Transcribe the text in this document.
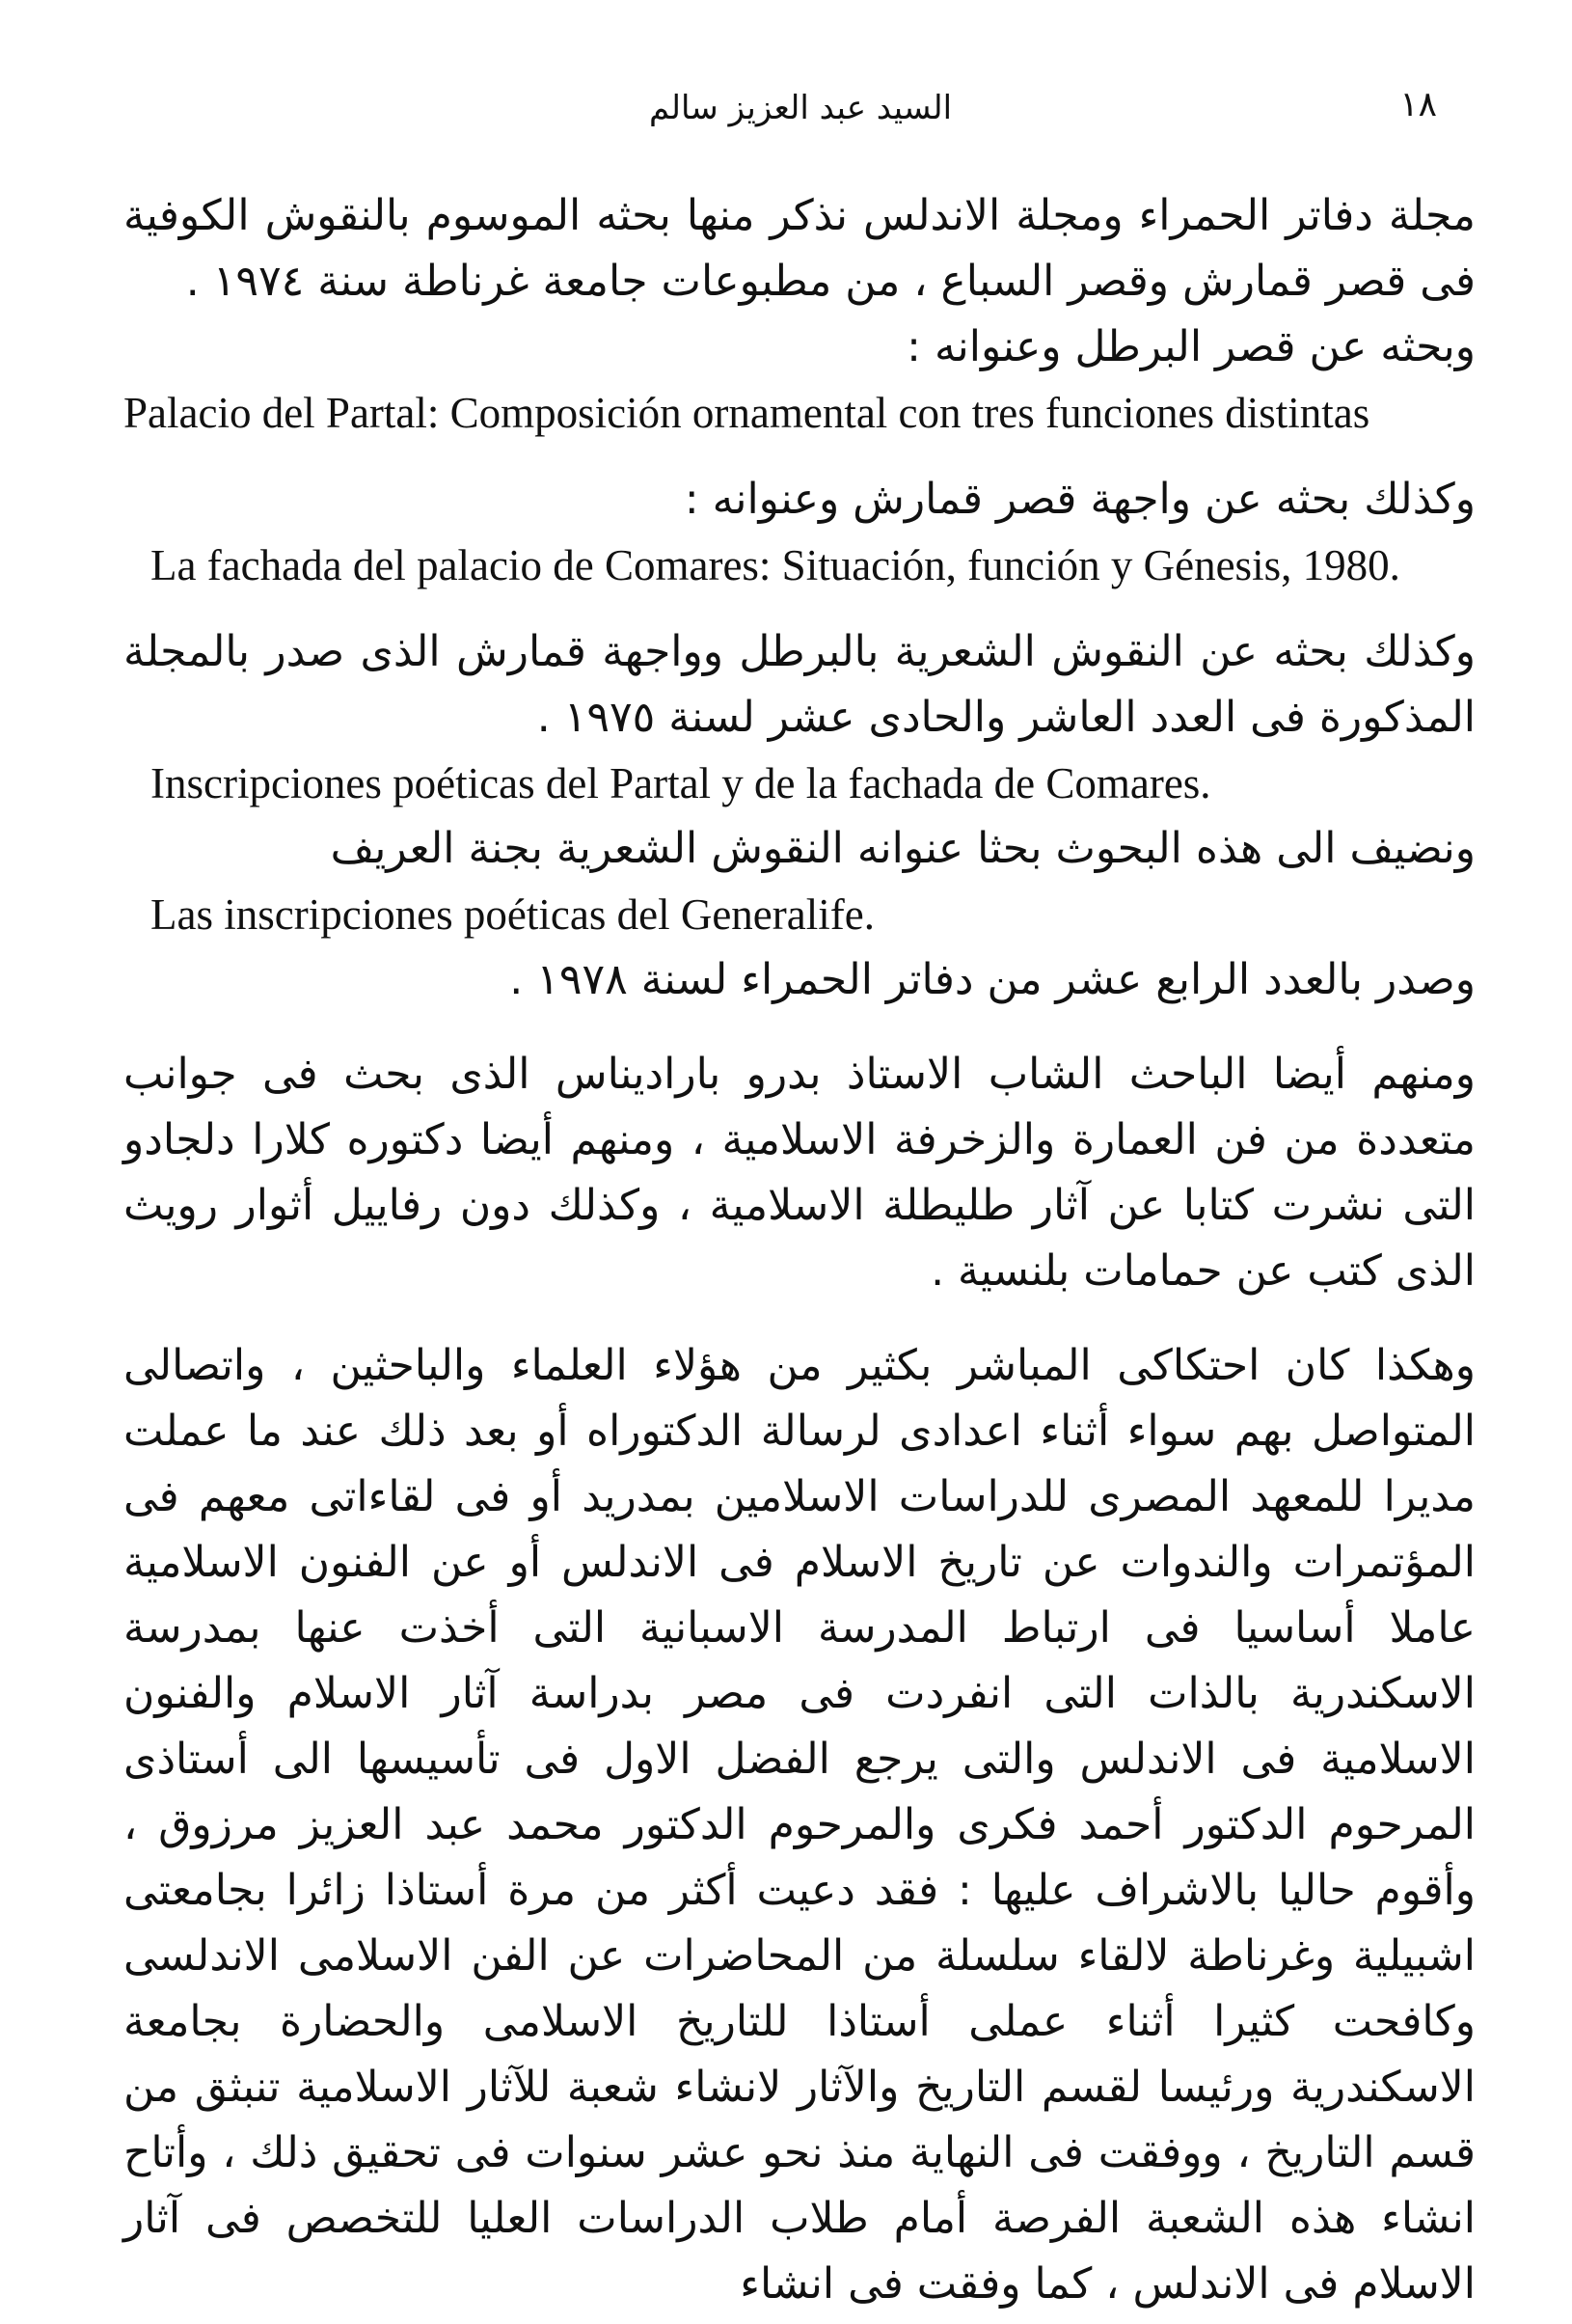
١٨
السيد عبد العزيز سالم

مجلة دفاتر الحمراء ومجلة الاندلس نذكر منها بحثه الموسوم بالنقوش الكوفية فى قصر قمارش وقصر السباع ، من مطبوعات جامعة غرناطة سنة ١٩٧٤ .

وبحثه عن قصر البرطل وعنوانه :

Palacio del Partal: Composición ornamental con tres funciones distintas

وكذلك بحثه عن واجهة قصر قمارش وعنوانه :

La fachada del palacio de Comares: Situación, función y Génesis, 1980.

وكذلك بحثه عن النقوش الشعرية بالبرطل وواجهة قمارش الذى صدر بالمجلة المذكورة فى العدد العاشر والحادى عشر لسنة ١٩٧٥ .

Inscripciones poéticas del Partal y de la fachada de Comares.

ونضيف الى هذه البحوث بحثا عنوانه النقوش الشعرية بجنة العريف

Las inscripciones poéticas del Generalife.

وصدر بالعدد الرابع عشر من دفاتر الحمراء لسنة ١٩٧٨ .

ومنهم أيضا الباحث الشاب الاستاذ بدرو بارادیناس الذى بحث فى جوانب متعددة من فن العمارة والزخرفة الاسلامية ، ومنهم أيضا دكتوره كلارا دلجادو التى نشرت كتابا عن آثار طليطلة الاسلامية ، وكذلك دون رفاييل أثوار رويث الذى كتب عن حمامات بلنسية .

وهكذا كان احتكاكى المباشر بكثير من هؤلاء العلماء والباحثين ، واتصالى المتواصل بهم سواء أثناء اعدادى لرسالة الدكتوراه أو بعد ذلك عند ما عملت مديرا للمعهد المصرى للدراسات الاسلامين بمدريد أو فى لقاءاتى معهم فى المؤتمرات والندوات عن تاريخ الاسلام فى الاندلس أو عن الفنون الاسلامية عاملا أساسيا فى ارتباط المدرسة الاسبانية التى أخذت عنها بمدرسة الاسكندرية بالذات التى انفردت فى مصر بدراسة آثار الاسلام والفنون الاسلامية فى الاندلس والتى يرجع الفضل الاول فى تأسيسها الى أستاذى المرحوم الدكتور أحمد فكرى والمرحوم الدكتور محمد عبد العزيز مرزوق ، وأقوم حاليا بالاشراف عليها : فقد دعيت أكثر من مرة أستاذا زائرا بجامعتى اشبيلية وغرناطة لالقاء سلسلة من المحاضرات عن الفن الاسلامى الاندلسى وكافحت كثيرا أثناء عملى أستاذا للتاريخ الاسلامى والحضارة بجامعة الاسكندرية ورئيسا لقسم التاريخ والآثار لانشاء شعبة للآثار الاسلامية تنبثق من قسم التاريخ ، ووفقت فى النهاية منذ نحو عشر سنوات فى تحقيق ذلك ، وأتاح انشاء هذه الشعبة الفرصة أمام طلاب الدراسات العليا للتخصص فى آثار الاسلام فى الاندلس ، كما وفقت فى انشاء
